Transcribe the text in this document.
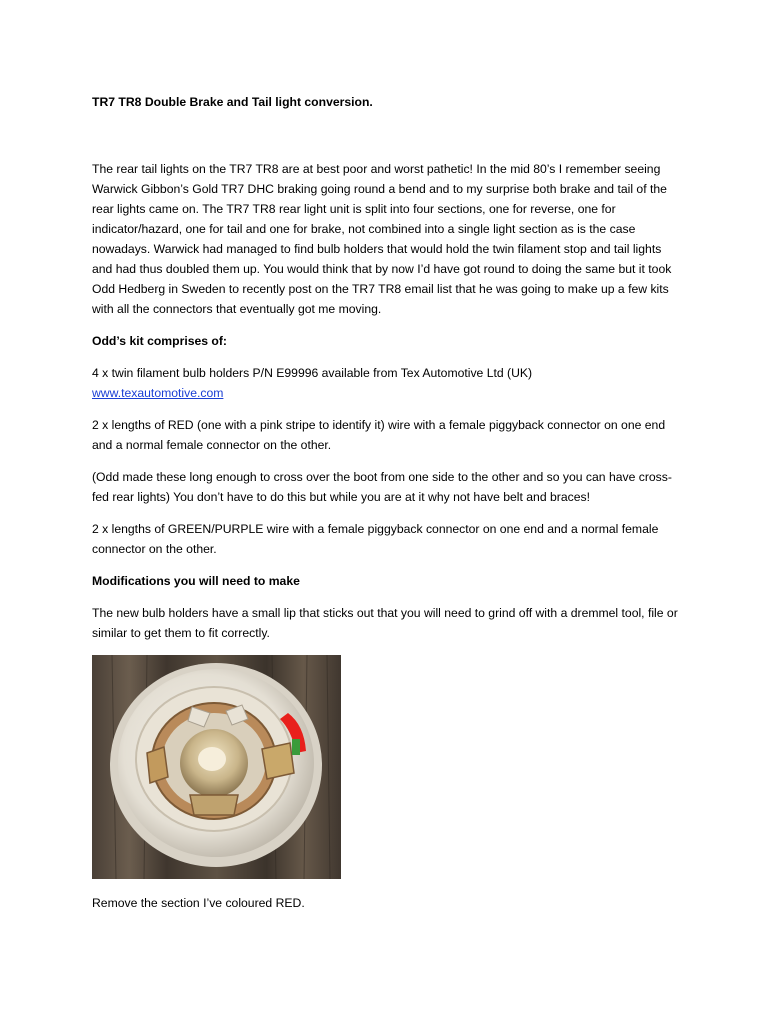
TR7 TR8 Double Brake and Tail light conversion.

The rear tail lights on the TR7 TR8 are at best poor and worst pathetic! In the mid 80’s I remember seeing Warwick Gibbon’s Gold TR7 DHC braking going round a bend and to my surprise both brake and tail of the rear lights came on. The TR7 TR8 rear light unit is split into four sections, one for reverse, one for indicator/hazard, one for tail and one for brake, not combined into a single light section as is the case nowadays. Warwick had managed to find bulb holders that would hold the twin filament stop and tail lights and had thus doubled them up. You would think that by now I’d have got round to doing the same but it took Odd Hedberg in Sweden to recently post on the TR7 TR8 email list that he was going to make up a few kits with all the connectors that eventually got me moving.

Odd’s kit comprises of:

4 x twin filament bulb holders P/N E99996 available from Tex Automotive Ltd (UK)
www.texautomotive.com

2 x lengths of RED (one with a pink stripe to identify it) wire with a female piggyback connector on one end and a normal female connector on the other.

(Odd made these long enough to cross over the boot from one side to the other and so you can have cross-fed rear lights) You don’t have to do this but while you are at it why not have belt and braces!

2 x lengths of GREEN/PURPLE wire with a female piggyback connector on one end and a normal female connector on the other.

Modifications you will need to make

The new bulb holders have a small lip that sticks out that you will need to grind off with a dremmel tool, file or similar to get them to fit correctly.

Remove the section I’ve coloured RED.
